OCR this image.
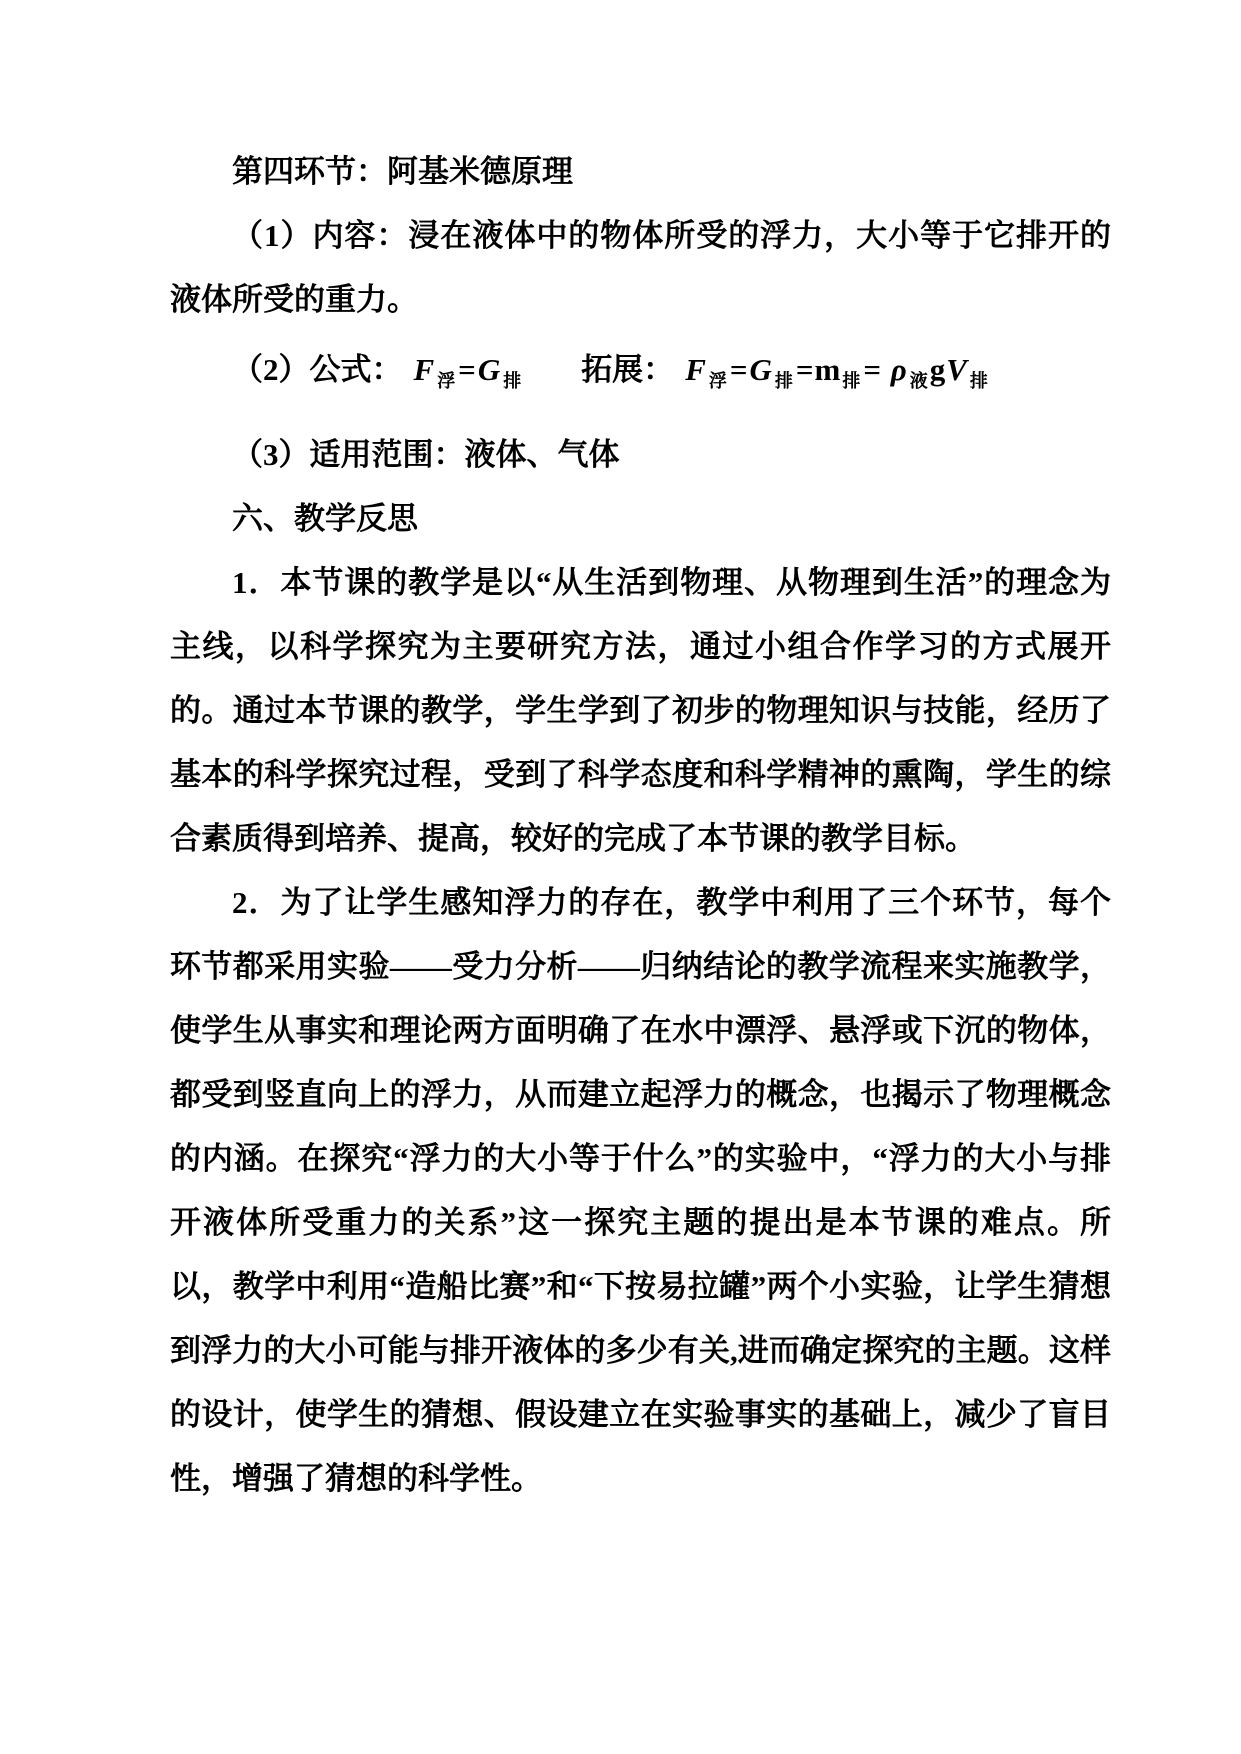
第四环节：阿基米德原理

（1）内容：浸在液体中的物体所受的浮力，大小等于它排开的液体所受的重力。

（2）公式： F $_浮$=G $_排$ 拓展： F $_浮$=G $_排$=m $_排$= ρ $_液$gV $_排$

（3）适用范围：液体、气体

六、教学反思

1．本节课的教学是以“从生活到物理、从物理到生活”的理念为主线，以科学探究为主要研究方法，通过小组合作学习的方式展开的。通过本节课的教学，学生学到了初步的物理知识与技能，经历了基本的科学探究过程，受到了科学态度和科学精神的熏陶，学生的综合素质得到培养、提高，较好的完成了本节课的教学目标。

2．为了让学生感知浮力的存在，教学中利用了三个环节，每个环节都采用实验——受力分析——归纳结论的教学流程来实施教学，使学生从事实和理论两方面明确了在水中漂浮、悬浮或下沉的物体，都受到竖直向上的浮力，从而建立起浮力的概念，也揭示了物理概念的内涵。在探究“浮力的大小等于什么”的实验中，“浮力的大小与排开液体所受重力的关系”这一探究主题的提出是本节课的难点。所以，教学中利用“造船比赛”和“下按易拉罐”两个小实验，让学生猜想到浮力的大小可能与排开液体的多少有关,进而确定探究的主题。这样的设计，使学生的猜想、假设建立在实验事实的基础上，减少了盲目性，增强了猜想的科学性。
